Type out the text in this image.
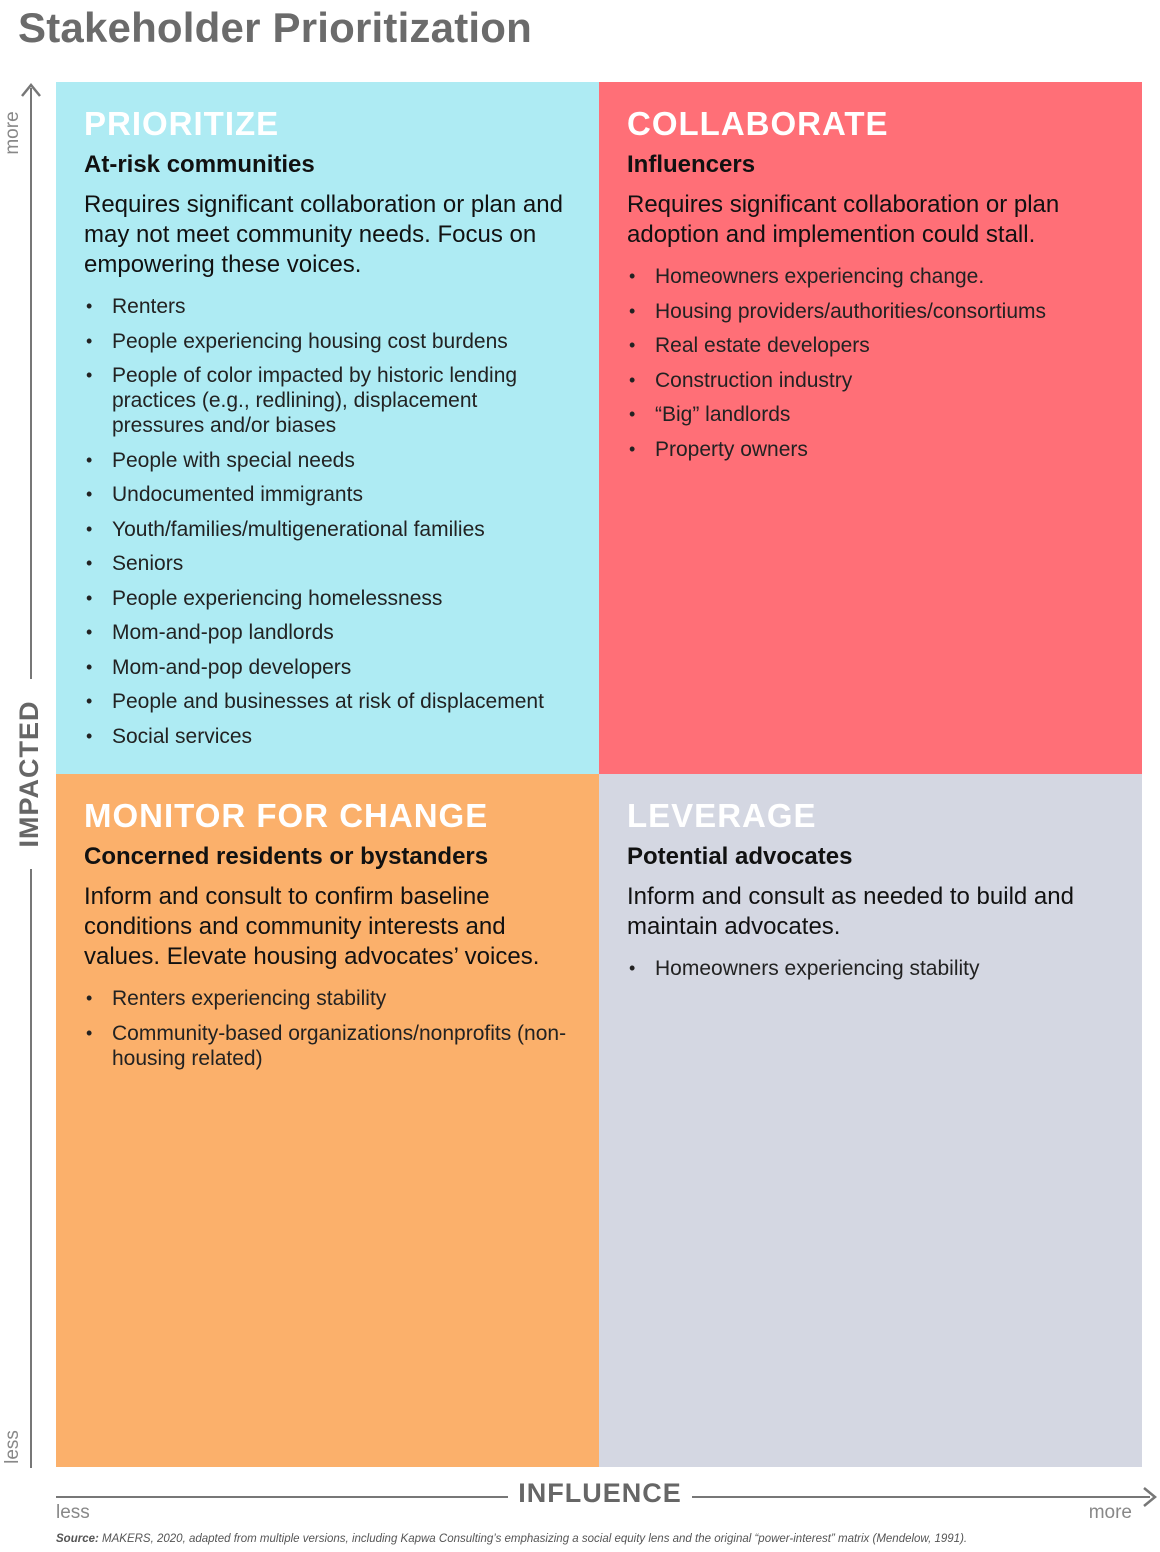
Stakeholder Prioritization
more
IMPACTED
less
PRIORITIZE
At-risk communities
Requires significant collaboration or plan and may not meet community needs. Focus on empowering these voices.
• Renters
• People experiencing housing cost burdens
• People of color impacted by historic lending practices (e.g., redlining), displacement pressures and/or biases
• People with special needs
• Undocumented immigrants
• Youth/families/multigenerational families
• Seniors
• People experiencing homelessness
• Mom-and-pop landlords
• Mom-and-pop developers
• People and businesses at risk of displacement
• Social services
COLLABORATE
Influencers
Requires significant collaboration or plan adoption and implemention could stall.
• Homeowners experiencing change.
• Housing providers/authorities/consortiums
• Real estate developers
• Construction industry
• “Big” landlords
• Property owners
MONITOR FOR CHANGE
Concerned residents or bystanders
Inform and consult to confirm baseline conditions and community interests and values. Elevate housing advocates’ voices.
• Renters experiencing stability
• Community-based organizations/nonprofits (non-housing related)
LEVERAGE
Potential advocates
Inform and consult as needed to build and maintain advocates.
• Homeowners experiencing stability
INFLUENCE
less	more
Source: MAKERS, 2020, adapted from multiple versions, including Kapwa Consulting’s emphasizing a social equity lens and the original “power-interest” matrix (Mendelow, 1991).
